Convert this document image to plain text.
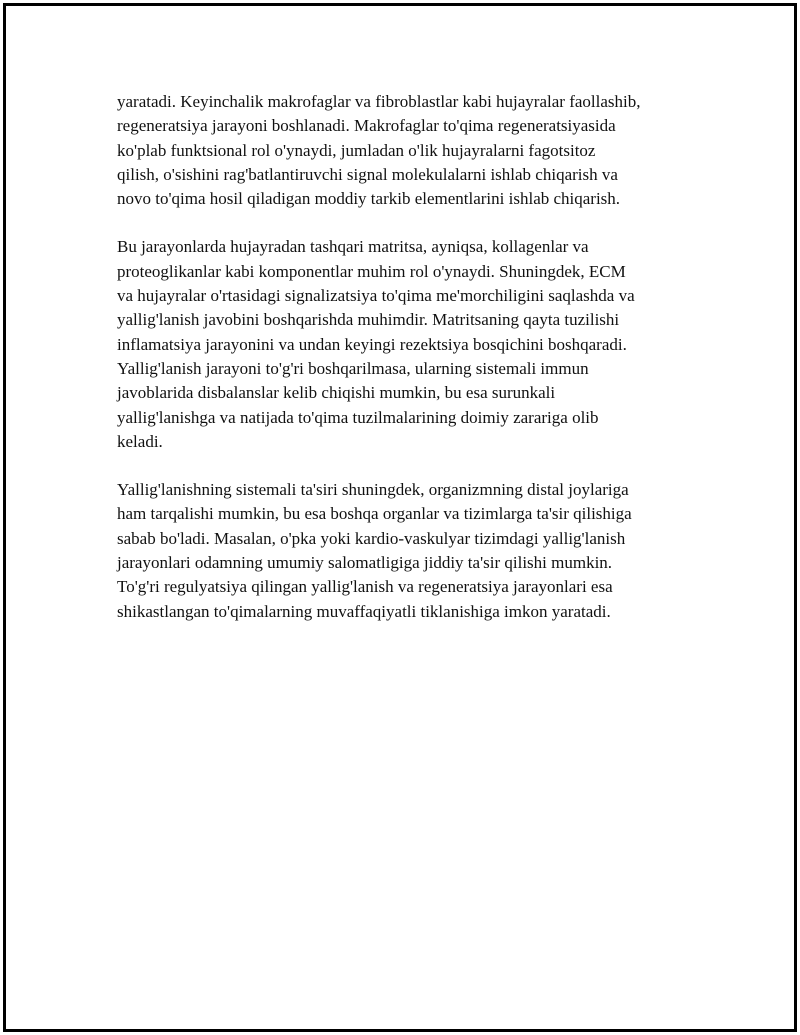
yaratadi. Keyinchalik makrofaglar va fibroblastlar kabi hujayralar faollashib,
regeneratsiya jarayoni boshlanadi. Makrofaglar to'qima regeneratsiyasida
ko'plab funktsional rol o'ynaydi, jumladan o'lik hujayralarni fagotsitoz
qilish, o'sishini rag'batlantiruvchi signal molekulalarni ishlab chiqarish va
novo to'qima hosil qiladigan moddiy tarkib elementlarini ishlab chiqarish.

Bu jarayonlarda hujayradan tashqari matritsa, ayniqsa, kollagenlar va
proteoglikanlar kabi komponentlar muhim rol o'ynaydi. Shuningdek, ECM
va hujayralar o'rtasidagi signalizatsiya to'qima me'morchiligini saqlashda va
yallig'lanish javobini boshqarishda muhimdir. Matritsaning qayta tuzilishi
inflamatsiya jarayonini va undan keyingi rezektsiya bosqichini boshqaradi.
Yallig'lanish jarayoni to'g'ri boshqarilmasa, ularning sistemali immun
javoblarida disbalanslar kelib chiqishi mumkin, bu esa surunkali
yallig'lanishga va natijada to'qima tuzilmalarining doimiy zarariga olib
keladi.

Yallig'lanishning sistemali ta'siri shuningdek, organizmning distal joylariga
ham tarqalishi mumkin, bu esa boshqa organlar va tizimlarga ta'sir qilishiga
sabab bo'ladi. Masalan, o'pka yoki kardio-vaskulyar tizimdagi yallig'lanish
jarayonlari odamning umumiy salomatligiga jiddiy ta'sir qilishi mumkin.
To'g'ri regulyatsiya qilingan yallig'lanish va regeneratsiya jarayonlari esa
shikastlangan to'qimalarning muvaffaqiyatli tiklanishiga imkon yaratadi.
